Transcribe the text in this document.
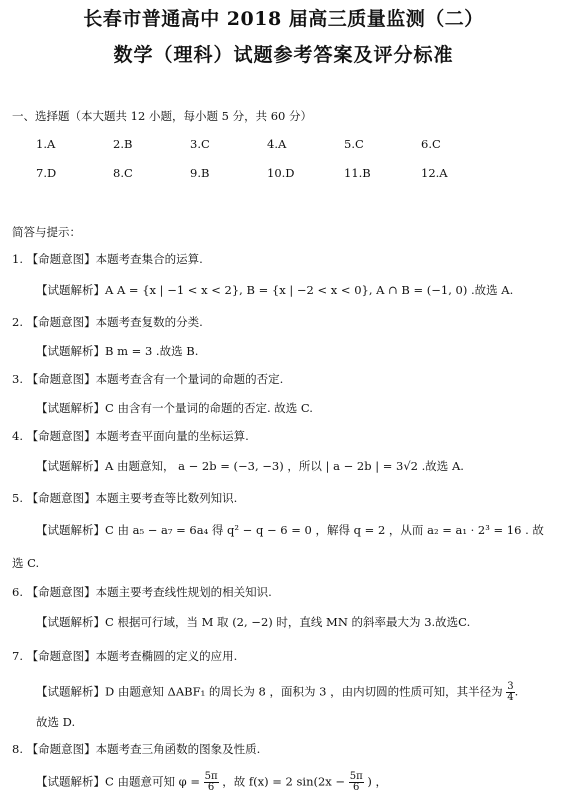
长春市普通高中 2018 届高三质量监测（二）
数学（理科）试题参考答案及评分标准
一、选择题（本大题共 12 小题，每小题 5 分，共 60 分）
1.A	2.B	3.C	4.A	5.C	6.C
7.D	8.C	9.B	10.D	11.B	12.A
简答与提示：
1. 【命题意图】本题考查集合的运算.
【试题解析】A A = {x | −1 < x < 2}, B = {x | −2 < x < 0}, A ∩ B = (−1, 0) .故选 A.
2. 【命题意图】本题考查复数的分类.
【试题解析】B m = 3 .故选 B.
3. 【命题意图】本题考查含有一个量词的命题的否定.
【试题解析】C 由含有一个量词的命题的否定. 故选 C.
4. 【命题意图】本题考查平面向量的坐标运算.
【试题解析】A 由题意知， a − 2b = (−3, −3) ，所以 | a − 2b | = 3√2 .故选 A.
5. 【命题意图】本题主要考查等比数列知识.
【试题解析】C 由 a₅ − a₇ = 6a₄ 得 q² − q − 6 = 0 ，解得 q = 2 ，从而 a₂ = a₁ · 2³ = 16 . 故
选 C.
6. 【命题意图】本题主要考查线性规划的相关知识.
【试题解析】C 根据可行域，当 M 取 (2, −2) 时，直线 MN 的斜率最大为 3.故选C.
7. 【命题意图】本题考查椭圆的定义的应用.
【试题解析】D 由题意知 ΔABF₁ 的周长为 8 ，面积为 3 ，由内切圆的性质可知，其半径为 $\frac{3}{4}$ .
故选 D.
8. 【命题意图】本题考查三角函数的图象及性质.
【试题解析】C 由题意可知 $\varphi = \frac{5\pi}{6}$ ，故 f(x) = 2 $\sin(2x - \frac{5\pi}{6}$ ) ，
